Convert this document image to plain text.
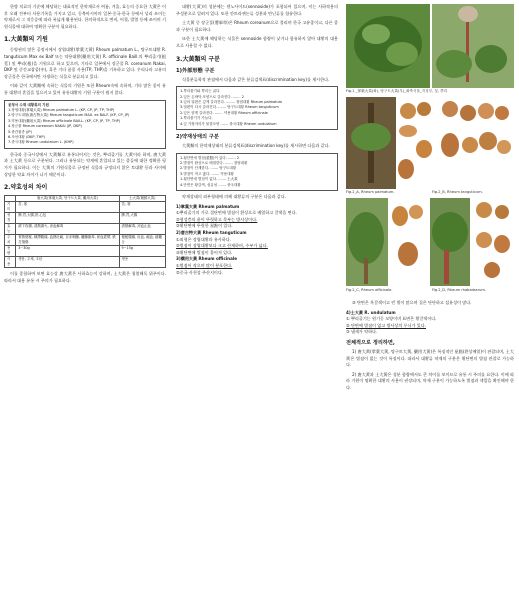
한방 치료의 기준에 해당하는 대표적인 한약재로서 여름, 겨울, 효능의 중요한 大黃은 이후 오래 전부터 사용기록을 가지고 있고, 동북아시아의 일본·중국·한국 등에서 널리 쓰이는 약재로서 그 적응증에 따라 폭넓게 활용된다. 한의학적으로 변비, 어혈, 발열 등에 쓰이며 기원식물에 대하여 명확한 구분이 필요하다.

1.大黃類의 기원

동양권의 많은 공정서에서 장엽대황(掌葉大黃) Rheum palmatum L., 탕구트대황 R. tanguticum Max ex Balf 또는 약용대황(藥用大黃) R. officinale Baill.의 뿌리줄기(根莖) 및 뿌리(根)을 기원으로 하고 있으며, 기타로 일본에서 장군풀 R. coreanum Nakai, DKP 및 중간교잡종(中), 혹은 기타 품종 사용(TP, THP)을 기록하고 있다. 우리나라 고유의 장군풀은 한국에서만 자생하는 식물로 분류되고 있다.

이와 같이 大黃類에 속하는 식물의 기원은 또한 Rheum속에 속하며, 기타 많은 종이 유통 대황의 혼입을 일으키고 있어 유통대황의 기원 구분이 쉽지 않다.

공정서 수재 대황류의 기원
1.장엽대황(掌葉大黃) Rheum palmatum L. (KP, CP, JP, TP, THP)
2.탕구트대황(唐古特大黃) Rheum tanguticum MAX. ex BALF. (KP, CP, JP)
3.약용대황(藥用大黃) Rheum officinale BAILL. (KP, CP, JP, TP, THP)
4.장군풀 Rheum coreanum NAKAI (JP, DKP)
5.중간잡종 (JP)
6.조선대황 (DKP, THP)
7.중국대황 Rheum undulatum L. (KHP)

한국과 중국시장에서 大黃類로 유통되어지는 것은, 뿌리줄기를 大黃이라 하며, 唐大黃과 土大黃 등으로 구분된다. 그러나 유통되는 약재에 혼입되고 있는 종들에 대한 정확한 평가가 필요하다. 이는 大黃의 기원식물로 규정된 식물과 규정되지 않은 토대황 등과 사이에 상당한 약효 차이가 나기 때문이다.

2.약효성의 차이
	唐大黃(掌葉大黃, 탕구트大黃, 藥用大黃)	土大黃(朝鮮大黃)
기미	苦, 寒	苦, 寒
귀경	脾,胃,大腸,肝,心包	脾,胃,大腸
효능	瀉下攻積, 淸熱瀉火, 凉血解毒	淸熱解毒, 凉血止血
주치	實熱便秘, 積滯腹痛, 血熱吐衄, 目赤咽腫, 癰腫瘡毒, 瘀血經閉, 跌打損傷	便秘腹痛, 吐血, 衄血, 瘡癰 등
용량	3~30g	9~15g
사용	생용, 주제, 초탄	생용

이를 종합하여 보면 효능상 唐大黃은 사하효능이 강하며, 土大黃은 청열해독 위주이다. 따라서 대용 유통 시 주의가 필요하다.

대황(大黃)의 성분에는 센노사이드(sennoside)가 포함되어 있으며, 이는 사하작용의 주성분으로 알려져 있다. 또한 안트라퀴논류 성분과 탄닌류를 함유한다.

土大黃 중 장군풀(將軍草)은 Rheum coreanum으로 불리며 한국 고유종이고, 다른 종과 구분이 필요하다.

또한 土大黃에 해당하는 식물은 sennoside 함량이 낮거나 함유하지 않아 대황의 대용으로 사용할 수 없다.

3.大黃類의 구분
1)外部形態 구분

식물분류학적 관점에서 다음과 같은 분류검색표(discrimination key)를 제시한다.

1.뿌리줄기와 뿌리는 굵다.
2.잎은 손바닥 모양으로 갈라진다. ....... 2
3.잎의 열편은 깊게 갈라진다. ........ 장엽대황 Rheum palmatum
3.열편이 다시 갈라진다. ....... 탕구트대황 Rheum tanguticum
2.잎은 얕게 갈라진다. ....... 약용대황 Rheum officinale
1.뿌리줄기가 가늘다.
4.잎 가장자리가 물결모양 ....... 중국대황 Rheum undulatum
2)약재상태의 구분

大黃類의 한약재상태의 분류검색표(discrimination key)를 제시하면 다음과 같다.

1.횡단면에 별점(星點)이 있다. ....... 2
2.별점이 환상으로 배열한다. ....... 장엽대황
2.별점이 산재한다. ....... 탕구트대황
3.별점이 작고 많다. ....... 약용대황
1.횡단면에 별점이 없다. ....... 土大黃
4.단면은 황갈색, 섬유성 ....... 중국대황

약재상태의 외부형태에 의해 대황류의 구분은 다음과 같다.

1)掌葉大黃 Rheum palmatum
①뿌리줄기의 가로 절단면에 별점이 환상으로 배열하고 갈색을 띤다.
②형성층의 윤이 뚜렷하고 목부는 방사상이다.
③횡단면에 뚜렷한 星點이 있다.
2)唐古特大黃 Rheum tanguticum
①외형은 장엽대황과 유사하다.
②별점이 장엽대황보다 크고 산재하며, 수부가 넓다.
③횡단면에 별점이 흩어져 있다.
3)藥用大黃 Rheum officinale
①별점이 작으며 많이 분포한다.
②중국 사천성 주산지이다.
Fig.1 _掌葉大黃(좌), 탕구트大黃(우)_좌측식물_지상부, 꽃, 뿌리
Fig.2_A, Rheum palmatum.	Fig.2_B, Rheum tanguticum.
Fig.2_C, Rheum officinale.	Fig.2_D, Rheum rhabarbarum.

③ 단면은 흑갈색이고 빈 별이 많으며 질은 단단하고 섬유성이 많다.

4)土大黃 R. undulatum
① 뿌리줄기는 원기둥 모양이며 표면은 황갈색이다.
② 단면에 별점이 없고 방사상의 무늬가 있다.
③ 냄새가 약하다.
전체적으로 정리하면,

1) 唐大黃(掌葉大黃, 탕구트大黃, 藥用大黃)은 특징적인 星點(환상배열)이 관찰되며, 土大黃은 별점이 없는 것이 특징이다. 따라서 대황류 약재의 구분은 횡단면의 별점 관찰로 가능하다.

2) 唐大黃과 土大黃은 성분 함량에서도 큰 차이를 보이므로 유통 시 주의를 요한다. 이에 따라 기원이 명확한 대황의 사용이 권장되며, 약재 구분이 가능하도록 별점과 색깔을 확인해야 한다.
